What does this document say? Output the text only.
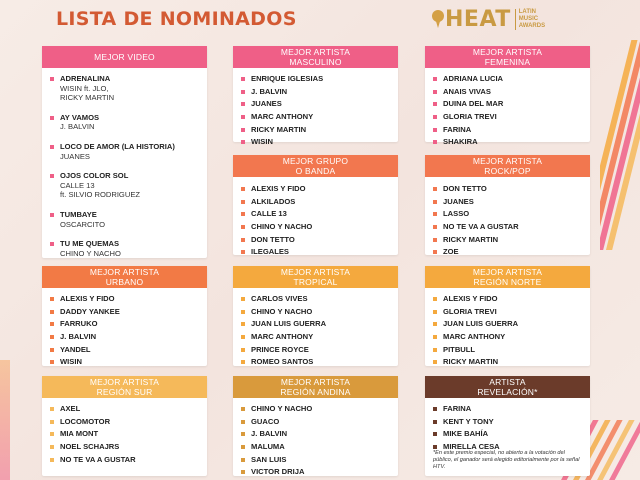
LISTA DE NOMINADOS	HEAT LATIN
MUSIC
AWARDS
MEJOR VIDEO
ADRENALINA
WISIN ft. JLO,
RICKY MARTIN
AY VAMOS
J. BALVIN
LOCO DE AMOR (LA HISTORIA)
JUANES
OJOS COLOR SOL
CALLE 13
ft. SILVIO RODRIGUEZ
TUMBAYE
OSCARCITO
TU ME QUEMAS
CHINO Y NACHO
MEJOR ARTISTA
MASCULINO
ENRIQUE IGLESIAS
J. BALVIN
JUANES
MARC ANTHONY
RICKY MARTIN
WISIN
MEJOR ARTISTA
FEMENINA
ADRIANA LUCIA
ANAIS VIVAS
DUINA DEL MAR
GLORIA TREVI
FARINA
SHAKIRA
MEJOR GRUPO
O BANDA
ALEXIS Y FIDO
ALKILADOS
CALLE 13
CHINO Y NACHO
DON TETTO
ILEGALES
MEJOR ARTISTA
ROCK/POP
DON TETTO
JUANES
LASSO
NO TE VA A GUSTAR
RICKY MARTIN
ZOE
MEJOR ARTISTA
URBANO
ALEXIS Y FIDO
DADDY YANKEE
FARRUKO
J. BALVIN
YANDEL
WISIN
MEJOR ARTISTA
TROPICAL
CARLOS VIVES
CHINO Y NACHO
JUAN LUIS GUERRA
MARC ANTHONY
PRINCE ROYCE
ROMEO SANTOS
MEJOR ARTISTA
REGIÓN NORTE
ALEXIS Y FIDO
GLORIA TREVI
JUAN LUIS GUERRA
MARC ANTHONY
PITBULL
RICKY MARTIN
MEJOR ARTISTA
REGIÓN SUR
AXEL
LOCOMOTOR
MIA MONT
NOEL SCHAJRS
NO TE VA A GUSTAR
MEJOR ARTISTA
REGIÓN ANDINA
CHINO Y NACHO
GUACO
J. BALVIN
MALUMA
SAN LUIS
VICTOR DRIJA
ARTISTA
REVELACIÓN*
FARINA
KENT Y TONY
MIKE BAHÍA
MIRELLA CESA
*En este premio especial, no abierto a la votación del público, el ganador será elegido editorialmente por la señal HTV.
